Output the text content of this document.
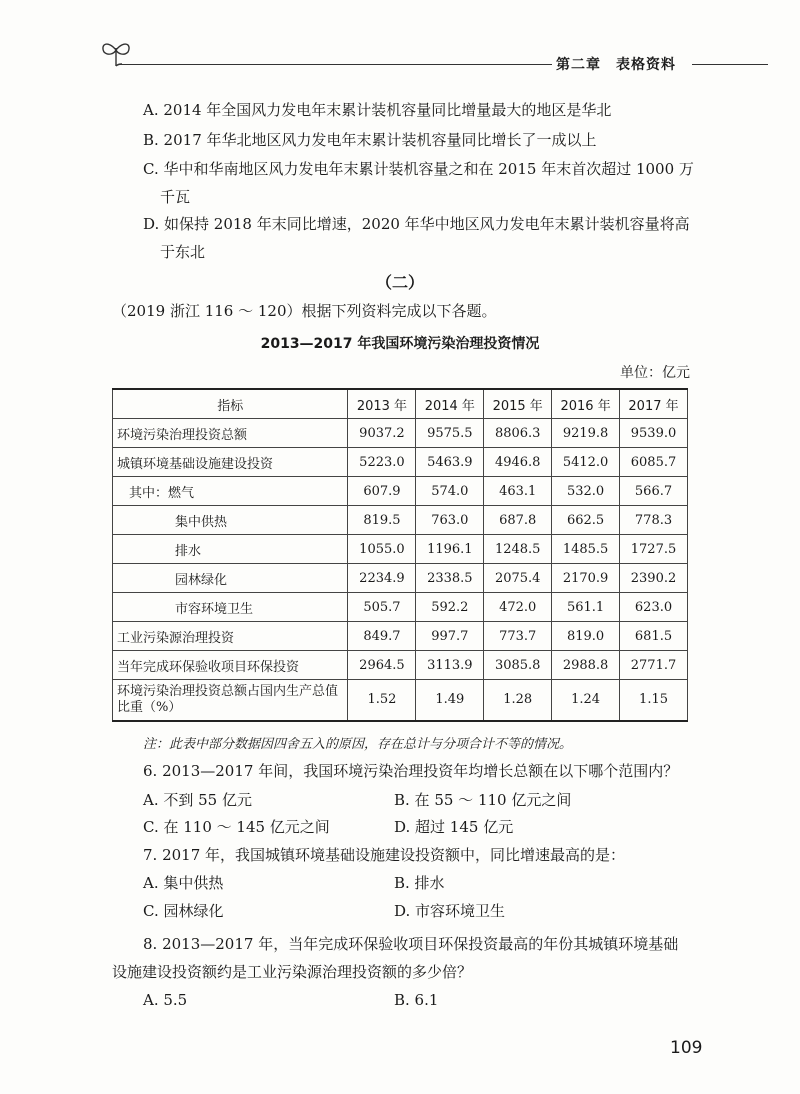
第二章　表格资料
A. 2014 年全国风力发电年末累计装机容量同比增量最大的地区是华北
B. 2017 年华北地区风力发电年末累计装机容量同比增长了一成以上
C. 华中和华南地区风力发电年末累计装机容量之和在 2015 年末首次超过 1000 万
千瓦
D. 如保持 2018 年末同比增速，2020 年华中地区风力发电年末累计装机容量将高
于东北
（二）
（2019 浙江 116 ～ 120）根据下列资料完成以下各题。
2013—2017 年我国环境污染治理投资情况
单位：亿元
指标	2013 年	2014 年	2015 年	2016 年	2017 年
环境污染治理投资总额	9037.2	9575.5	8806.3	9219.8	9539.0
城镇环境基础设施建设投资	5223.0	5463.9	4946.8	5412.0	6085.7
其中：燃气	607.9	574.0	463.1	532.0	566.7
集中供热	819.5	763.0	687.8	662.5	778.3
排水	1055.0	1196.1	1248.5	1485.5	1727.5
园林绿化	2234.9	2338.5	2075.4	2170.9	2390.2
市容环境卫生	505.7	592.2	472.0	561.1	623.0
工业污染源治理投资	849.7	997.7	773.7	819.0	681.5
当年完成环保验收项目环保投资	2964.5	3113.9	3085.8	2988.8	2771.7
环境污染治理投资总额占国内生产总值比重（%）	1.52	1.49	1.28	1.24	1.15
注：此表中部分数据因四舍五入的原因，存在总计与分项合计不等的情况。
6. 2013—2017 年间，我国环境污染治理投资年均增长总额在以下哪个范围内？
A. 不到 55 亿元	B. 在 55 ～ 110 亿元之间
C. 在 110 ～ 145 亿元之间	D. 超过 145 亿元
7. 2017 年，我国城镇环境基础设施建设投资额中，同比增速最高的是：
A. 集中供热	B. 排水
C. 园林绿化	D. 市容环境卫生
8. 2013—2017 年，当年完成环保验收项目环保投资最高的年份其城镇环境基础
设施建设投资额约是工业污染源治理投资额的多少倍？
A. 5.5	B. 6.1
109
